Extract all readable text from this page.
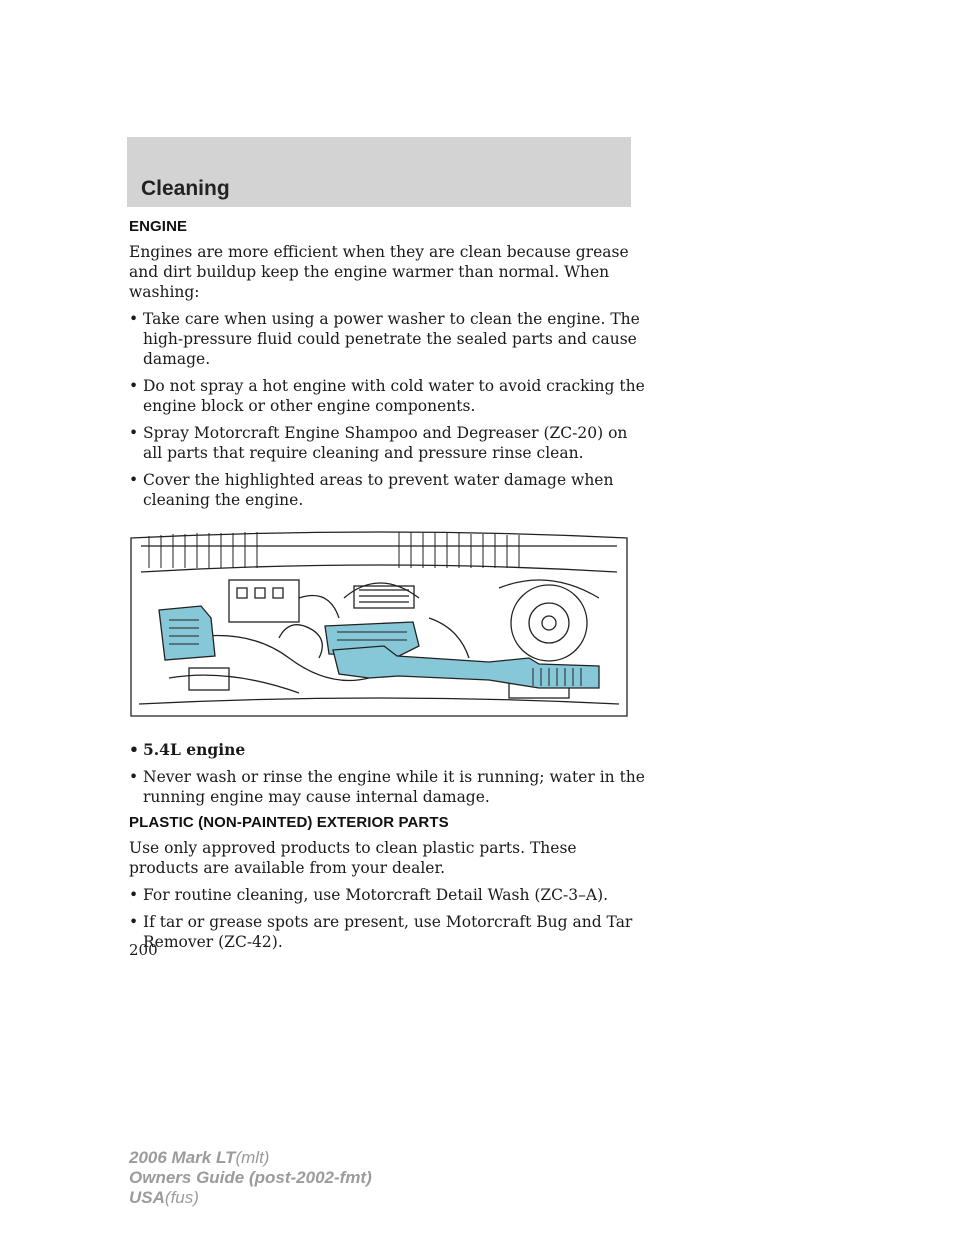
Cleaning
ENGINE

Engines are more efficient when they are clean because grease and dirt buildup keep the engine warmer than normal. When washing:

• Take care when using a power washer to clean the engine. The high-pressure fluid could penetrate the sealed parts and cause damage.
• Do not spray a hot engine with cold water to avoid cracking the engine block or other engine components.
• Spray Motorcraft Engine Shampoo and Degreaser (ZC-20) on all parts that require cleaning and pressure rinse clean.
• Cover the highlighted areas to prevent water damage when cleaning the engine.
• 5.4L engine
• Never wash or rinse the engine while it is running; water in the running engine may cause internal damage.
PLASTIC (NON-PAINTED) EXTERIOR PARTS

Use only approved products to clean plastic parts. These products are available from your dealer.

• For routine cleaning, use Motorcraft Detail Wash (ZC-3–A).
• If tar or grease spots are present, use Motorcraft Bug and Tar Remover (ZC-42).
200
2006 Mark LT(mlt)
Owners Guide (post-2002-fmt)
USA(fus)
